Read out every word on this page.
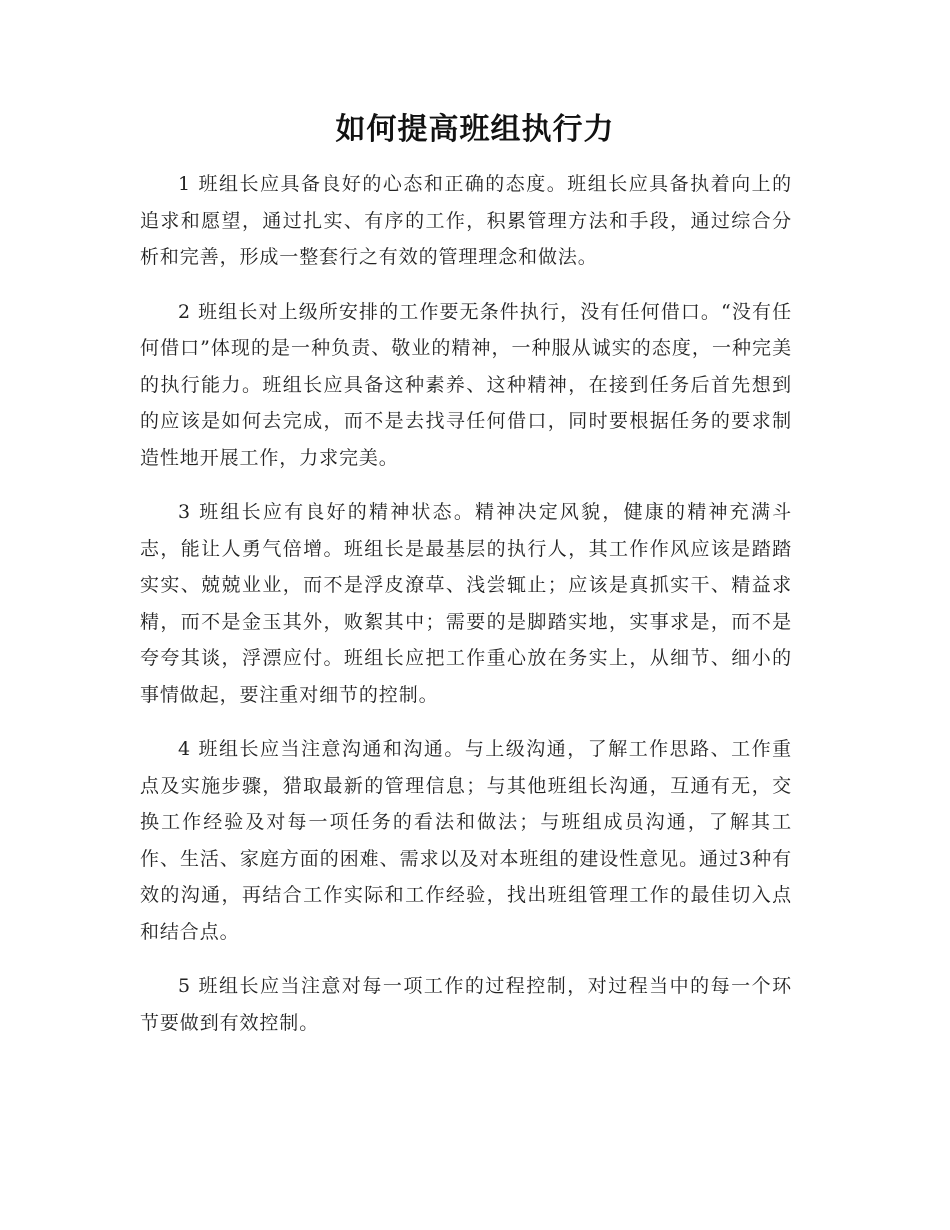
如何提高班组执行力

1 班组长应具备良好的心态和正确的态度。班组长应具备执着向上的追求和愿望，通过扎实、有序的工作，积累管理方法和手段，通过综合分析和完善，形成一整套行之有效的管理理念和做法。

2 班组长对上级所安排的工作要无条件执行，没有任何借口。“没有任何借口”体现的是一种负责、敬业的精神，一种服从诚实的态度，一种完美的执行能力。班组长应具备这种素养、这种精神，在接到任务后首先想到的应该是如何去完成，而不是去找寻任何借口，同时要根据任务的要求制造性地开展工作，力求完美。

3 班组长应有良好的精神状态。精神决定风貌，健康的精神充满斗志，能让人勇气倍增。班组长是最基层的执行人，其工作作风应该是踏踏实实、兢兢业业，而不是浮皮潦草、浅尝辄止；应该是真抓实干、精益求精，而不是金玉其外，败絮其中；需要的是脚踏实地，实事求是，而不是夸夸其谈，浮漂应付。班组长应把工作重心放在务实上，从细节、细小的事情做起，要注重对细节的控制。

4 班组长应当注意沟通和沟通。与上级沟通，了解工作思路、工作重点及实施步骤，猎取最新的管理信息；与其他班组长沟通，互通有无，交换工作经验及对每一项任务的看法和做法；与班组成员沟通，了解其工作、生活、家庭方面的困难、需求以及对本班组的建设性意见。通过3种有效的沟通，再结合工作实际和工作经验，找出班组管理工作的最佳切入点和结合点。

5 班组长应当注意对每一项工作的过程控制，对过程当中的每一个环节要做到有效控制。
